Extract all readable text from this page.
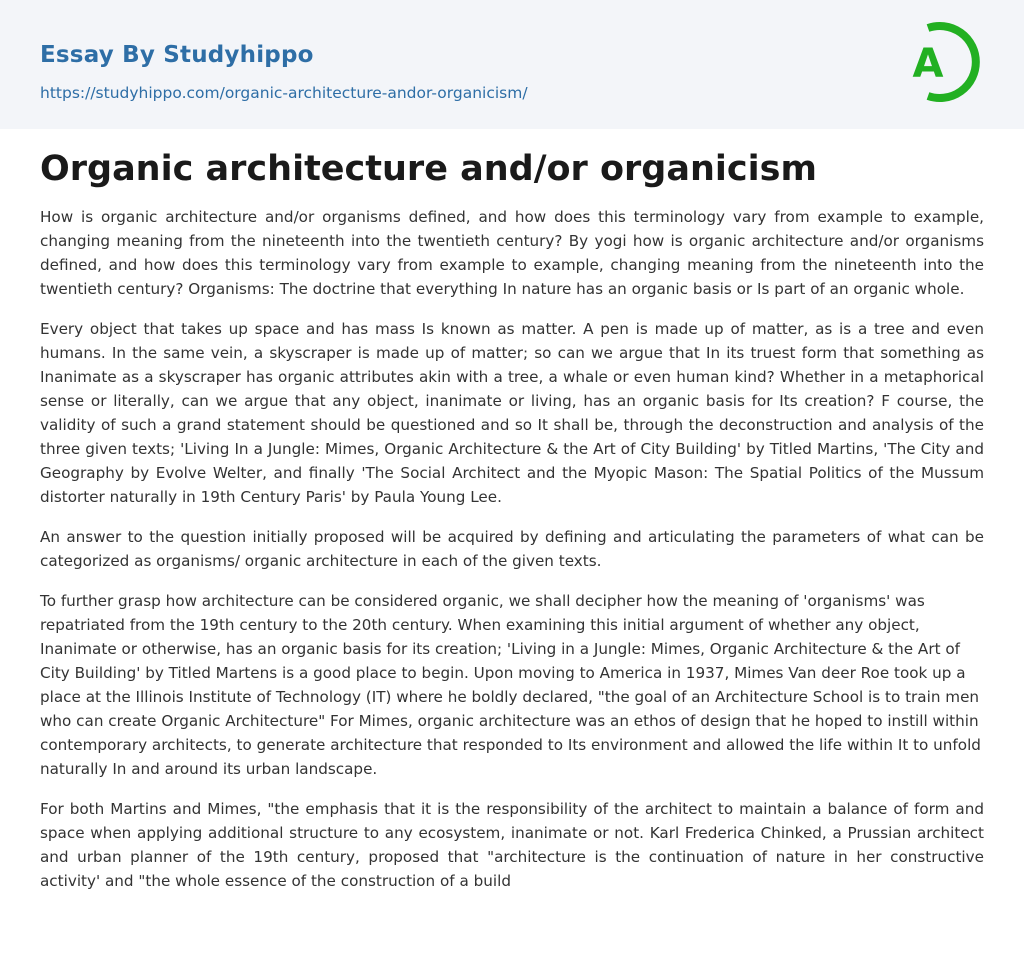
Essay By Studyhippo
https://studyhippo.com/organic-architecture-andor-organicism/
A
Organic architecture and/or organicism

How is organic architecture and/or organisms defined, and how does this terminology vary from example to example, changing meaning from the nineteenth into the twentieth century? By yogi how is organic architecture and/or organisms defined, and how does this terminology vary from example to example, changing meaning from the nineteenth into the twentieth century? Organisms: The doctrine that everything In nature has an organic basis or Is part of an organic whole.

Every object that takes up space and has mass Is known as matter. A pen is made up of matter, as is a tree and even humans. In the same vein, a skyscraper is made up of matter; so can we argue that In its truest form that something as Inanimate as a skyscraper has organic attributes akin with a tree, a whale or even human kind? Whether in a metaphorical sense or literally, can we argue that any object, inanimate or living, has an organic basis for Its creation? F course, the validity of such a grand statement should be questioned and so It shall be, through the deconstruction and analysis of the three given texts; 'Living In a Jungle: Mimes, Organic Architecture & the Art of City Building' by Titled Martins, 'The City and Geography by Evolve Welter, and finally 'The Social Architect and the Myopic Mason: The Spatial Politics of the Mussum distorter naturally in 19th Century Paris' by Paula Young Lee.

An answer to the question initially proposed will be acquired by defining and articulating the parameters of what can be categorized as organisms/ organic architecture in each of the given texts.

To further grasp how architecture can be considered organic, we shall decipher how the meaning of 'organisms' was repatriated from the 19th century to the 20th century. When examining this initial argument of whether any object, Inanimate or otherwise, has an organic basis for its creation; 'Living in a Jungle: Mimes, Organic Architecture & the Art of City Building' by Titled Martens is a good place to begin. Upon moving to America in 1937, Mimes Van deer Roe took up a place at the Illinois Institute of Technology (IT) where he boldly declared, "the goal of an Architecture School is to train men who can create Organic Architecture" For Mimes, organic architecture was an ethos of design that he hoped to instill within contemporary architects, to generate architecture that responded to Its environment and allowed the life within It to unfold naturally In and around its urban landscape.

For both Martins and Mimes, "the emphasis that it is the responsibility of the architect to maintain a balance of form and space when applying additional structure to any ecosystem, inanimate or not. Karl Frederica Chinked, a Prussian architect and urban planner of the 19th century, proposed that "architecture is the continuation of nature in her constructive activity' and "the whole essence of the construction of a build
